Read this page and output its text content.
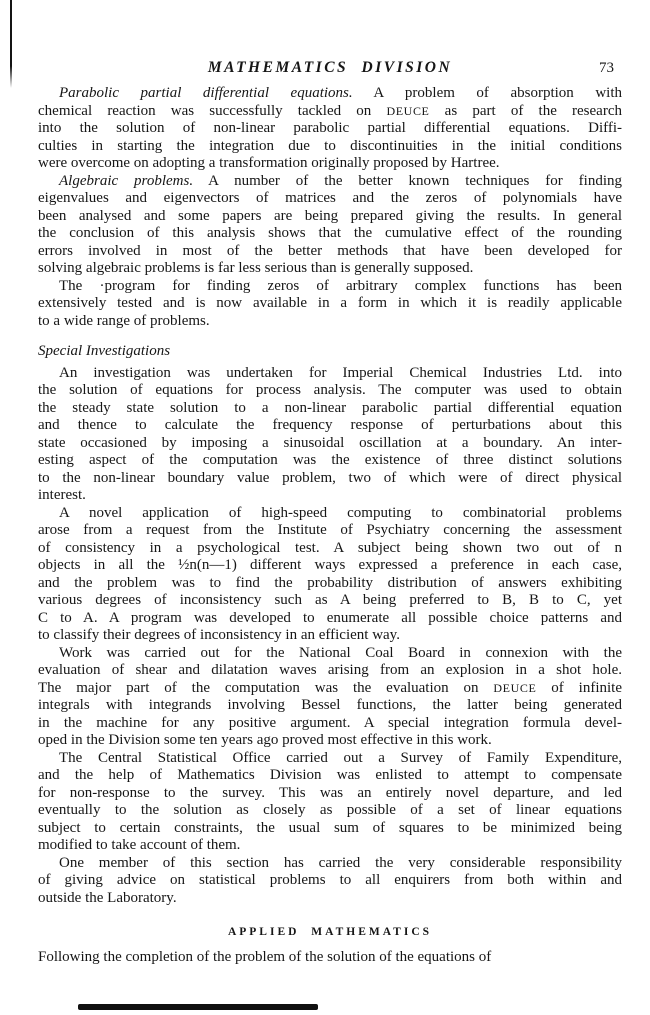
MATHEMATICS DIVISION	73
Parabolic partial differential equations. A problem of absorption with
chemical reaction was successfully tackled on DEUCE as part of the research
into the solution of non-linear parabolic partial differential equations. Diffi-
culties in starting the integration due to discontinuities in the initial conditions
were overcome on adopting a transformation originally proposed by Hartree.
Algebraic problems. A number of the better known techniques for finding
eigenvalues and eigenvectors of matrices and the zeros of polynomials have
been analysed and some papers are being prepared giving the results. In general
the conclusion of this analysis shows that the cumulative effect of the rounding
errors involved in most of the better methods that have been developed for
solving algebraic problems is far less serious than is generally supposed.
The ·program for finding zeros of arbitrary complex functions has been
extensively tested and is now available in a form in which it is readily applicable
to a wide range of problems.
Special Investigations
An investigation was undertaken for Imperial Chemical Industries Ltd. into
the solution of equations for process analysis. The computer was used to obtain
the steady state solution to a non-linear parabolic partial differential equation
and thence to calculate the frequency response of perturbations about this
state occasioned by imposing a sinusoidal oscillation at a boundary. An inter-
esting aspect of the computation was the existence of three distinct solutions
to the non-linear boundary value problem, two of which were of direct physical
interest.
A novel application of high-speed computing to combinatorial problems
arose from a request from the Institute of Psychiatry concerning the assessment
of consistency in a psychological test. A subject being shown two out of n
objects in all the ½n(n—1) different ways expressed a preference in each case,
and the problem was to find the probability distribution of answers exhibiting
various degrees of inconsistency such as A being preferred to B, B to C, yet
C to A. A program was developed to enumerate all possible choice patterns and
to classify their degrees of inconsistency in an efficient way.
Work was carried out for the National Coal Board in connexion with the
evaluation of shear and dilatation waves arising from an explosion in a shot hole.
The major part of the computation was the evaluation on DEUCE of infinite
integrals with integrands involving Bessel functions, the latter being generated
in the machine for any positive argument. A special integration formula devel-
oped in the Division some ten years ago proved most effective in this work.
The Central Statistical Office carried out a Survey of Family Expenditure,
and the help of Mathematics Division was enlisted to attempt to compensate
for non-response to the survey. This was an entirely novel departure, and led
eventually to the solution as closely as possible of a set of linear equations
subject to certain constraints, the usual sum of squares to be minimized being
modified to take account of them.
One member of this section has carried the very considerable responsibility
of giving advice on statistical problems to all enquirers from both within and
outside the Laboratory.
APPLIED MATHEMATICS
Following the completion of the problem of the solution of the equations of
